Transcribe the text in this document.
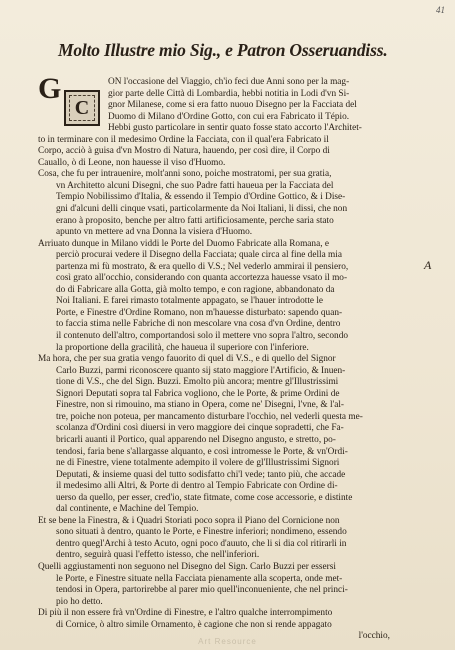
41
Molto Illustre mio Sig., e Patron Osseruandiss.
G
C
ON l'occasione del Viaggio, ch'io feci due Anni sono per la mag-
gior parte delle Città di Lombardia, hebbi notitia in Lodi d'vn Si-
gnor Milanese, come si era fatto nuouo Disegno per la Facciata del
Duomo di Milano d'Ordine Gotto, con cui era Fabricato il Tépio.
Hebbi gusto particolare in sentir quato fosse stato accorto l'Architet-
to in terminare con il medesimo Ordine la Facciata, con il qual'era Fabricato il
Corpo, acciò à guisa d'vn Mostro di Natura, hauendo, per così dire, il Corpo di
Cauallo, ò di Leone, non hauesse il viso d'Huomo.
Cosa, che fu per intrauenire, molt'anni sono, poiche mostratomi, per sua gratia,
vn Architetto alcuni Disegni, che suo Padre fatti haueua per la Facciata del
Tempio Nobilissimo d'Italia, & essendo il Tempio d'Ordine Gottico, & i Dise-
gni d'alcuni delli cinque vsati, particolarmente da Noi Italiani, li dissi, che non
erano à proposito, benche per altro fatti artificiosamente, perche saria stato
apunto vn mettere ad vna Donna la visiera d'Huomo.
Arriuato dunque in Milano viddi le Porte del Duomo Fabricate alla Romana, e
perciò procurai vedere il Disegno della Facciata; quale circa al fine della mia
partenza mi fù mostrato, & era quello di V.S.; Nel vederlo ammirai il pensiero,
così grato all'occhio, considerando con quanta accortezza hauesse vsato il mo-
do di Fabricare alla Gotta, già molto tempo, e con ragione, abbandonato da
Noi Italiani. E farei rimasto totalmente appagato, se l'hauer introdotte le
Porte, e Finestre d'Ordine Romano, non m'hauesse disturbato: sapendo quan-
to faccia stima nelle Fabriche di non mescolare vna cosa d'vn Ordine, dentro
il contenuto dell'altro, comportandosi solo il mettere vno sopra l'altro, secondo
la proportione della gracilità, che haueua il superiore con l'inferiore.
Ma hora, che per sua gratia vengo fauorito di quel di V.S., e di quello del Signor
Carlo Buzzi, parmi riconoscere quanto sij stato maggiore l'Artificio, & Inuen-
tione di V.S., che del Sign. Buzzi. Emolto più ancora; mentre gl'Illustrissimi
Signori Deputati sopra tal Fabrica vogliono, che le Porte, & prime Ordini de
Finestre, non si rimouino, ma stiano in Opera, come ne' Disegni, l'vne, & l'al-
tre, poiche non poteua, per mancamento disturbare l'occhio, nel vederli questa me-
scolanza d'Ordini così diuersi in vero maggiore dei cinque sopradetti, che Fa-
bricarli auanti il Portico, qual apparendo nel Disegno angusto, e stretto, po-
tendosi, faria bene s'allargasse alquanto, e così intromesse le Porte, & vn'Ordi-
ne di Finestre, viene totalmente adempito il volere de gl'Illustrissimi Signori
Deputati, & insieme quasi del tutto sodisfatto chi'l vede; tanto più, che accade
il medesimo alli Altri, & Porte di dentro al Tempio Fabricate con Ordine di-
uerso da quello, per esser, cred'io, state fitmate, come cose accessorie, e distinte
dal continente, e Machine del Tempio.
Et se bene la Finestra, & i Quadri Storiati poco sopra il Piano del Cornicione non
sono situati à dentro, quanto le Porte, e Finestre inferiori; nondimeno, essendo
dentro quegl'Archi à testo Acuto, ogni poco d'auuto, che li si dia col ritirarli in
dentro, seguirà quasi l'effetto istesso, che nell'inferiori.
Quelli aggiustamenti non seguono nel Disegno del Sign. Carlo Buzzi per essersi
le Porte, e Finestre situate nella Facciata pienamente alla scoperta, onde met-
tendosi in Opera, partorirebbe al parer mio quell'inconueniente, che nel princi-
pio ho detto.
Di più il non essere frà vn'Ordine di Finestre, e l'altro qualche interrompimento
di Cornice, ò altro simile Ornamento, è cagione che non si rende appagato
l'occhio,
A
Art Resource
